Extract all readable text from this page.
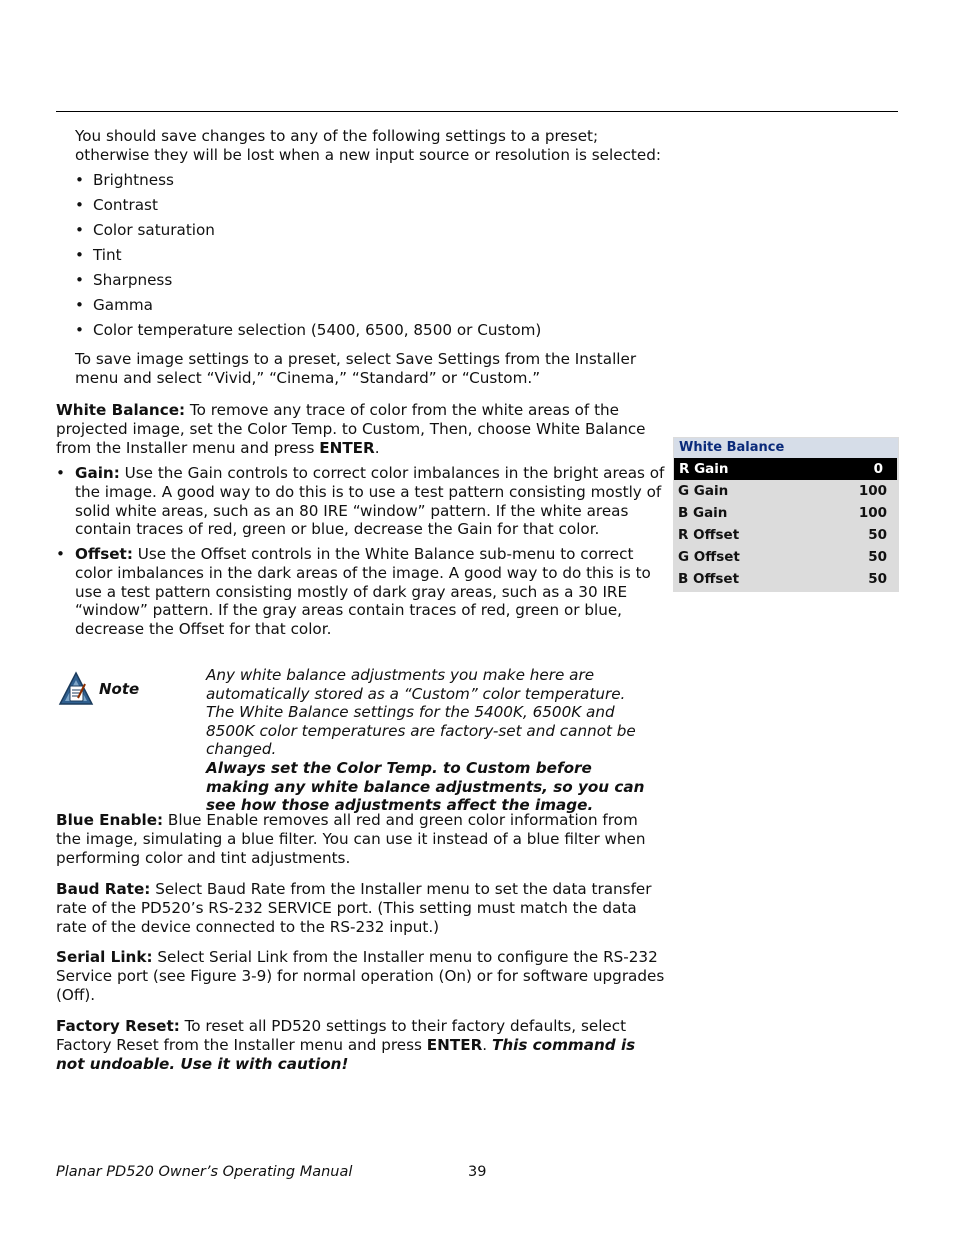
You should save changes to any of the following settings to a preset; otherwise they will be lost when a new input source or resolution is selected:

• Brightness
• Contrast
• Color saturation
• Tint
• Sharpness
• Gamma
• Color temperature selection (5400, 6500, 8500 or Custom)

To save image settings to a preset, select Save Settings from the Installer menu and select “Vivid,” “Cinema,” “Standard” or “Custom.”

White Balance: To remove any trace of color from the white areas of the projected image, set the Color Temp. to Custom, Then, choose White Balance from the Installer menu and press ENTER.

• Gain: Use the Gain controls to correct color imbalances in the bright areas of the image. A good way to do this is to use a test pattern consisting mostly of solid white areas, such as an 80 IRE “window” pattern. If the white areas contain traces of red, green or blue, decrease the Gain for that color.
• Offset: Use the Offset controls in the White Balance sub-menu to correct color imbalances in the dark areas of the image. A good way to do this is to use a test pattern consisting mostly of dark gray areas, such as a 30 IRE “window” pattern. If the gray areas contain traces of red, green or blue, decrease the Offset for that color.
White Balance
R Gain	0
G Gain	100
B Gain	100
R Offset	50
G Offset	50
B Offset	50
Note
Any white balance adjustments you make here are automatically stored as a “Custom” color temperature. The White Balance settings for the 5400K, 6500K and 8500K color temperatures are factory-set and cannot be changed.
Always set the Color Temp. to Custom before making any white balance adjustments, so you can see how those adjustments affect the image.

Blue Enable: Blue Enable removes all red and green color information from the image, simulating a blue filter. You can use it instead of a blue filter when performing color and tint adjustments.

Baud Rate: Select Baud Rate from the Installer menu to set the data transfer rate of the PD520’s RS-232 SERVICE port. (This setting must match the data rate of the device connected to the RS-232 input.)

Serial Link: Select Serial Link from the Installer menu to configure the RS-232 Service port (see Figure 3-9) for normal operation (On) or for software upgrades (Off).

Factory Reset: To reset all PD520 settings to their factory defaults, select Factory Reset from the Installer menu and press ENTER. This command is not undoable. Use it with caution!

Planar PD520 Owner’s Operating Manual	39
